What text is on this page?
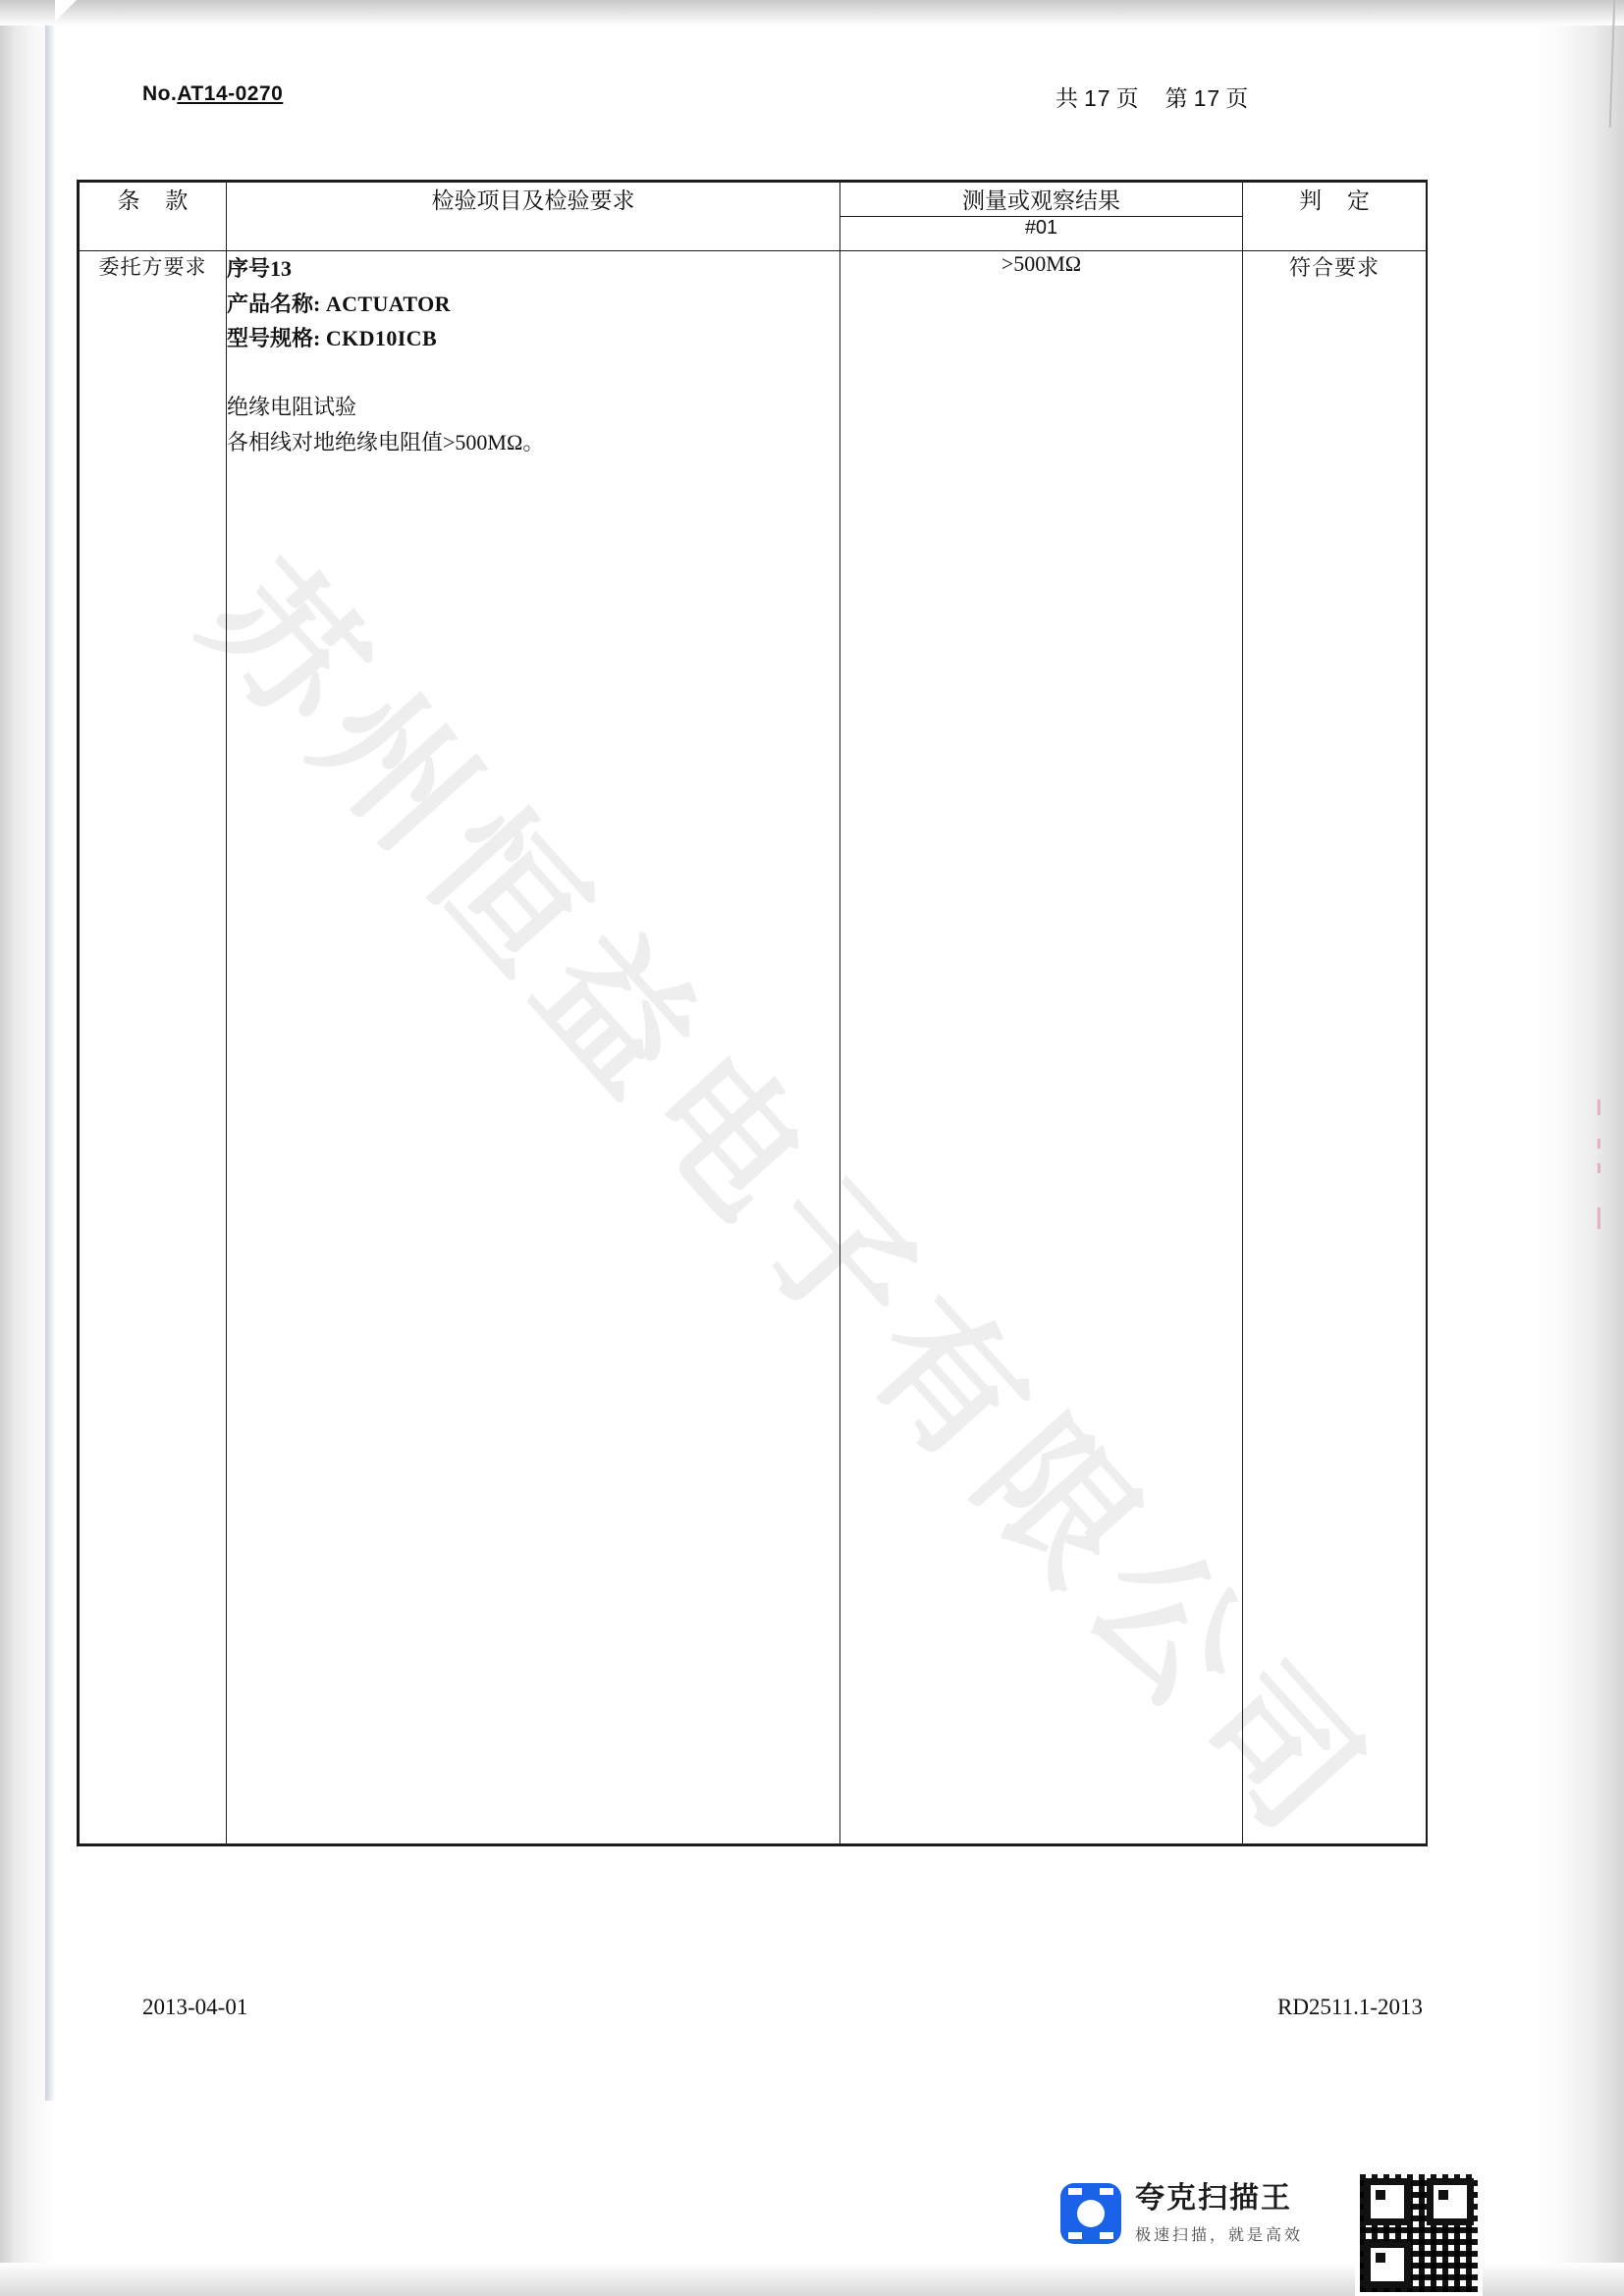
No.AT14-0270	共 17 页 第 17 页
苏州恒益电子有限公司
条 款	检验项目及检验要求	测量或观察结果	判 定
		#01	
委托方要求	序号13
产品名称: ACTUATOR
型号规格: CKD10ICB
绝缘电阻试验
各相线对地绝缘电阻值>500MΩ。	>500MΩ	符合要求
2013-04-01	RD2511.1-2013
夸克扫描王
极速扫描，就是高效
